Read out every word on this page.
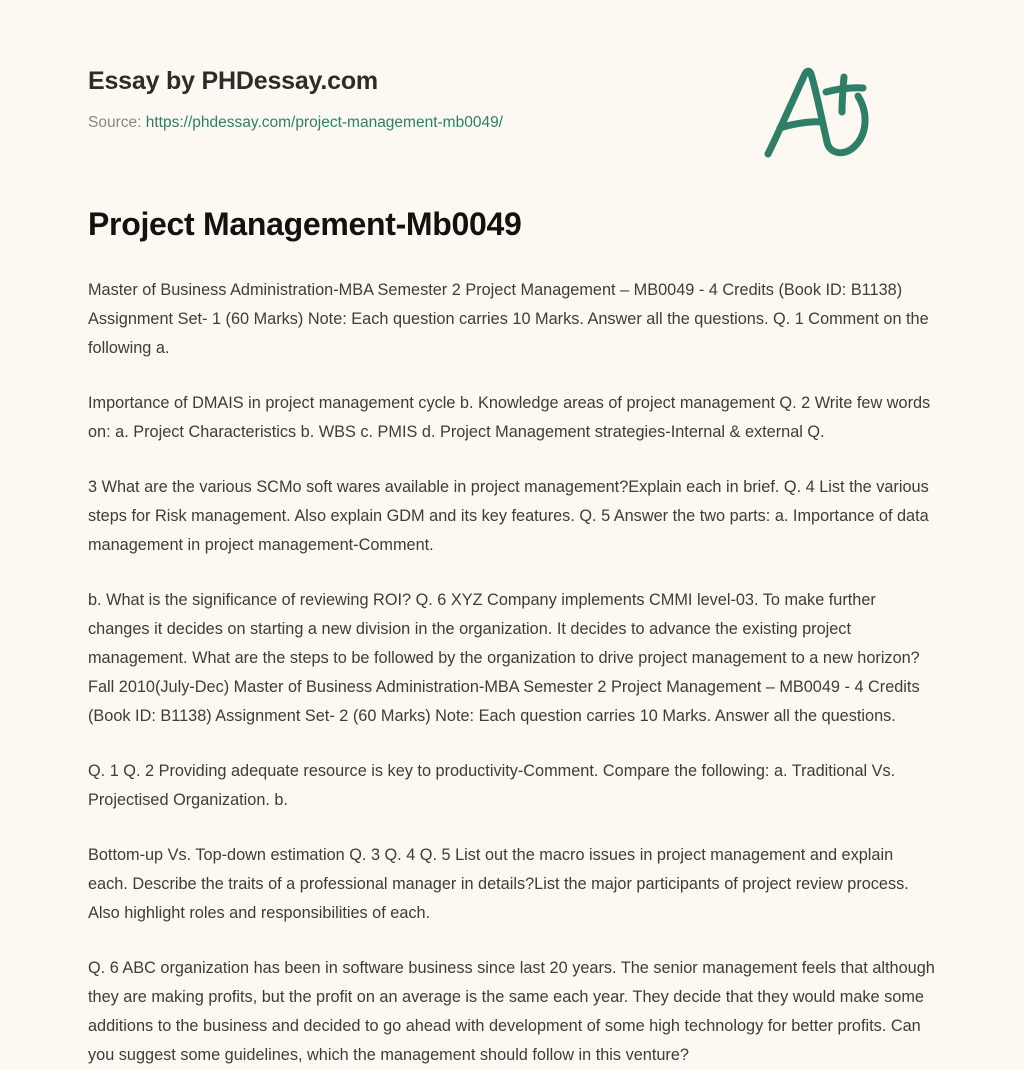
Essay by PHDessay.com
Source: https://phdessay.com/project-management-mb0049/
Project Management-Mb0049

Master of Business Administration-MBA Semester 2 Project Management – MB0049 - 4 Credits (Book ID: B1138) Assignment Set- 1 (60 Marks) Note: Each question carries 10 Marks. Answer all the questions. Q. 1 Comment on the following a.

Importance of DMAIS in project management cycle b. Knowledge areas of project management Q. 2 Write few words on: a. Project Characteristics b. WBS c. PMIS d. Project Management strategies-Internal & external Q.

3 What are the various SCMo soft wares available in project management?Explain each in brief. Q. 4 List the various steps for Risk management. Also explain GDM and its key features. Q. 5 Answer the two parts: a. Importance of data management in project management-Comment.

b. What is the significance of reviewing ROI? Q. 6 XYZ Company implements CMMI level-03. To make further changes it decides on starting a new division in the organization. It decides to advance the existing project management. What are the steps to be followed by the organization to drive project management to a new horizon?Fall 2010(July-Dec) Master of Business Administration-MBA Semester 2 Project Management – MB0049 - 4 Credits (Book ID: B1138) Assignment Set- 2 (60 Marks) Note: Each question carries 10 Marks. Answer all the questions.

Q. 1 Q. 2 Providing adequate resource is key to productivity-Comment. Compare the following: a. Traditional Vs. Projectised Organization. b.

Bottom-up Vs. Top-down estimation Q. 3 Q. 4 Q. 5 List out the macro issues in project management and explain each. Describe the traits of a professional manager in details?List the major participants of project review process. Also highlight roles and responsibilities of each.

Q. 6 ABC organization has been in software business since last 20 years. The senior management feels that although they are making profits, but the profit on an average is the same each year. They decide that they would make some additions to the business and decided to go ahead with development of some high technology for better profits. Can you suggest some guidelines, which the management should follow in this venture?
